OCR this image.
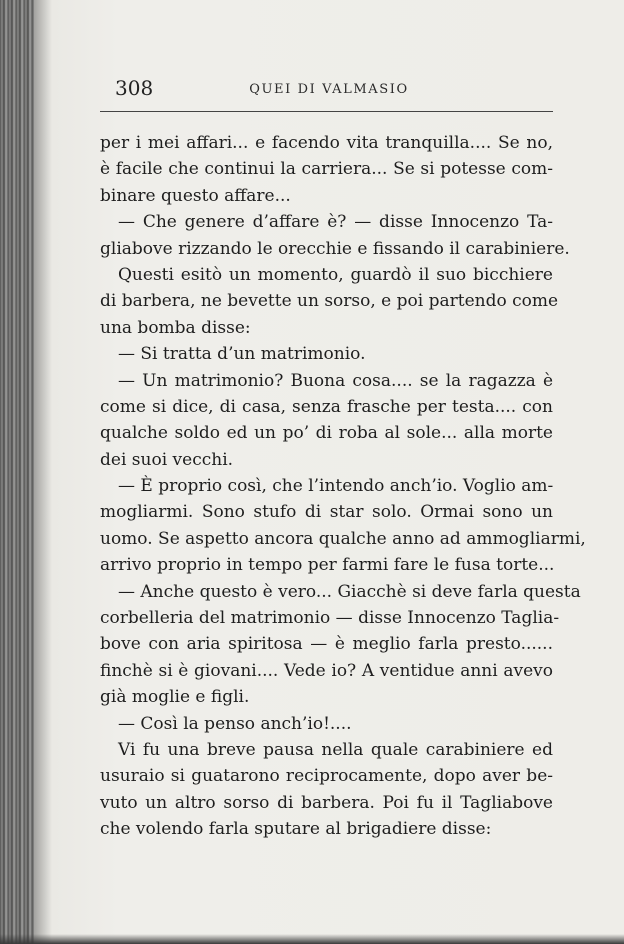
308	QUEI DI VALMASIO
per i mei affari... e facendo vita tranquilla.... Se no,
è facile che continui la carriera... Se si potesse com-
binare questo affare...
— Che genere d’affare è? — disse Innocenzo Ta-
gliabove rizzando le orecchie e fissando il carabiniere.
Questi esitò un momento, guardò il suo bicchiere
di barbera, ne bevette un sorso, e poi partendo come
una bomba disse:
— Si tratta d’un matrimonio.
— Un matrimonio? Buona cosa.... se la ragazza è
come si dice, di casa, senza frasche per testa.... con
qualche soldo ed un po’ di roba al sole... alla morte
dei suoi vecchi.
— È proprio così, che l’intendo anch’io. Voglio am-
mogliarmi. Sono stufo di star solo. Ormai sono un
uomo. Se aspetto ancora qualche anno ad ammogliarmi,
arrivo proprio in tempo per farmi fare le fusa torte...
— Anche questo è vero... Giacchè si deve farla questa
corbelleria del matrimonio — disse Innocenzo Taglia-
bove con aria spiritosa — è meglio farla presto......
finchè si è giovani.... Vede io? A ventidue anni avevo
già moglie e figli.
— Così la penso anch’io!....
Vi fu una breve pausa nella quale carabiniere ed
usuraio si guatarono reciprocamente, dopo aver be-
vuto un altro sorso di barbera. Poi fu il Tagliabove
che volendo farla sputare al brigadiere disse:
